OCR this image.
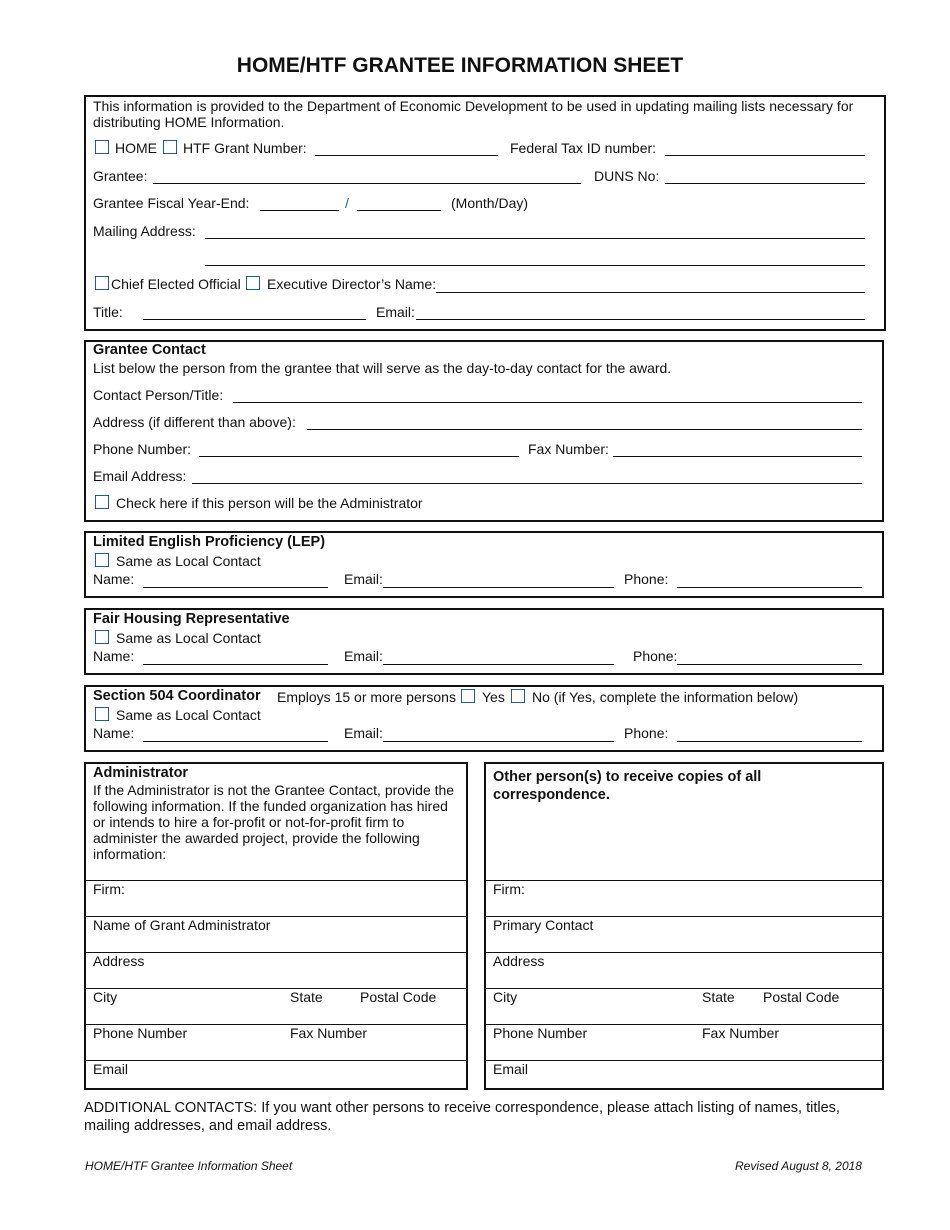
HOME/HTF GRANTEE INFORMATION SHEET
This information is provided to the Department of Economic Development to be used in updating mailing lists necessary for distributing HOME Information.
HOME HTF Grant Number:	Federal Tax ID number:
Grantee:	DUNS No:
Grantee Fiscal Year-End:	/	(Month/Day)
Mailing Address:
Chief Elected Official Executive Director’s Name:
Title:	Email:
Grantee Contact
List below the person from the grantee that will serve as the day-to-day contact for the award.
Contact Person/Title:
Address (if different than above):
Phone Number:	Fax Number:
Email Address:
Check here if this person will be the Administrator
Limited English Proficiency (LEP)
Same as Local Contact
Name:	Email:	Phone:
Fair Housing Representative
Same as Local Contact
Name:	Email:	Phone:
Section 504 Coordinator Employs 15 or more persons Yes No (if Yes, complete the information below)
Same as Local Contact
Name:	Email:	Phone:
Administrator
If the Administrator is not the Grantee Contact, provide the following information. If the funded organization has hired or intends to hire a for-profit or not-for-profit firm to administer the awarded project, provide the following information:
Firm:
Name of Grant Administrator
Address
City	State	Postal Code
Phone Number	Fax Number
Email
Other person(s) to receive copies of all correspondence.
Firm:
Primary Contact
Address
City	State Postal Code
Phone Number	Fax Number
Email
ADDITIONAL CONTACTS: If you want other persons to receive correspondence, please attach listing of names, titles, mailing addresses, and email address.
HOME/HTF Grantee Information Sheet	Revised August 8, 2018
